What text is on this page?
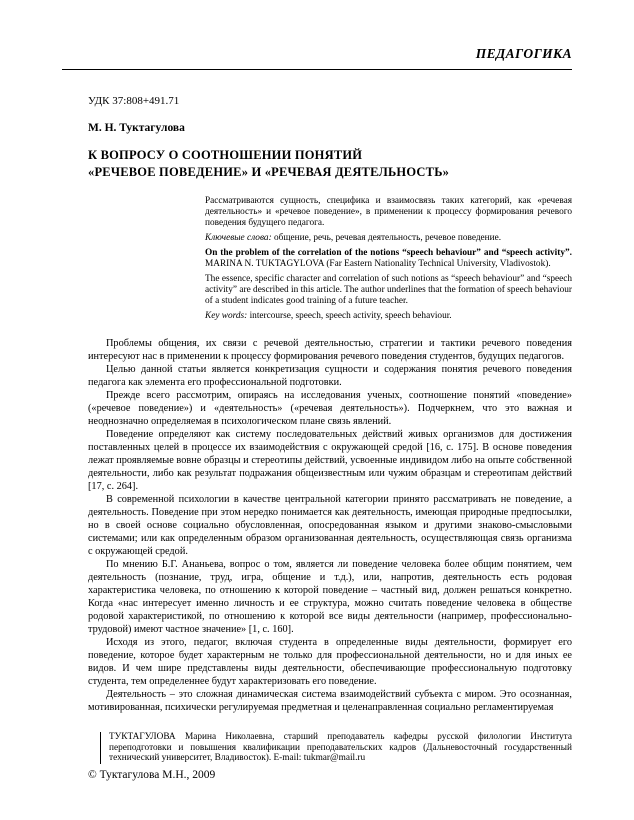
ПЕДАГОГИКА
УДК 37:808+491.71
М. Н. Туктагулова
К ВОПРОСУ О СООТНОШЕНИИ ПОНЯТИЙ
«РЕЧЕВОЕ ПОВЕДЕНИЕ» И «РЕЧЕВАЯ ДЕЯТЕЛЬНОСТЬ»

Рассматриваются сущность, специфика и взаимосвязь таких категорий, как «речевая деятельность» и «речевое поведение», в применении к процессу формирования речевого поведения будущего педагога.

Ключевые слова: общение, речь, речевая деятельность, речевое поведение.

On the problem of the correlation of the notions “speech behaviour” and “speech activity”. MARINA N. TUKTAGYLOVA (Far Eastern Nationality Technical University, Vladivostok).

The essence, specific character and correlation of such notions as “speech behaviour” and “speech activity” are described in this article. The author underlines that the formation of speech behaviour of a student indicates good training of a future teacher.

Key words: intercourse, speech, speech activity, speech behaviour.

Проблемы общения, их связи с речевой деятельностью, стратегии и тактики речевого поведения интересуют нас в применении к процессу формирования речевого поведения студентов, будущих педагогов.

Целью данной статьи является конкретизация сущности и содержания понятия речевого поведения педагога как элемента его профессиональной подготовки.

Прежде всего рассмотрим, опираясь на исследования ученых, соотношение понятий «поведение» («речевое поведение») и «деятельность» («речевая деятельность»). Подчеркнем, что это важная и неоднозначно определяемая в психологическом плане связь явлений.

Поведение определяют как систему последовательных действий живых организмов для достижения поставленных целей в процессе их взаимодействия с окружающей средой [16, с. 175]. В основе поведения лежат проявляемые вовне образцы и стереотипы действий, усвоенные индивидом либо на опыте собственной деятельности, либо как результат подражания общеизвестным или чужим образцам и стереотипам действий [17, с. 264].

В современной психологии в качестве центральной категории принято рассматривать не поведение, а деятельность. Поведение при этом нередко понимается как деятельность, имеющая природные предпосылки, но в своей основе социально обусловленная, опосредованная языком и другими знаково-смысловыми системами; или как определенным образом организованная деятельность, осуществляющая связь организма с окружающей средой.

По мнению Б.Г. Ананьева, вопрос о том, является ли поведение человека более общим понятием, чем деятельность (познание, труд, игра, общение и т.д.), или, напротив, деятельность есть родовая характеристика человека, по отношению к которой поведение – частный вид, должен решаться конкретно. Когда «нас интересует именно личность и ее структура, можно считать поведение человека в обществе родовой характеристикой, по отношению к которой все виды деятельности (например, профессионально-трудовой) имеют частное значение» [1, с. 160].

Исходя из этого, педагог, включая студента в определенные виды деятельности, формирует его поведение, которое будет характерным не только для профессиональной деятельности, но и для иных ее видов. И чем шире представлены виды деятельности, обеспечивающие профессиональную подготовку студента, тем определеннее будут характеризовать его поведение.

Деятельность – это сложная динамическая система взаимодействий субъекта с миром. Это осознанная, мотивированная, психически регулируемая предметная и целенаправленная социально регламентируемая

ТУКТАГУЛОВА Марина Николаевна, старший преподаватель кафедры русской филологии Института переподготовки и повышения квалификации преподавательских кадров (Дальневосточный государственный технический университет, Владивосток). E-mail: tukmar@mail.ru

© Туктагулова М.Н., 2009
